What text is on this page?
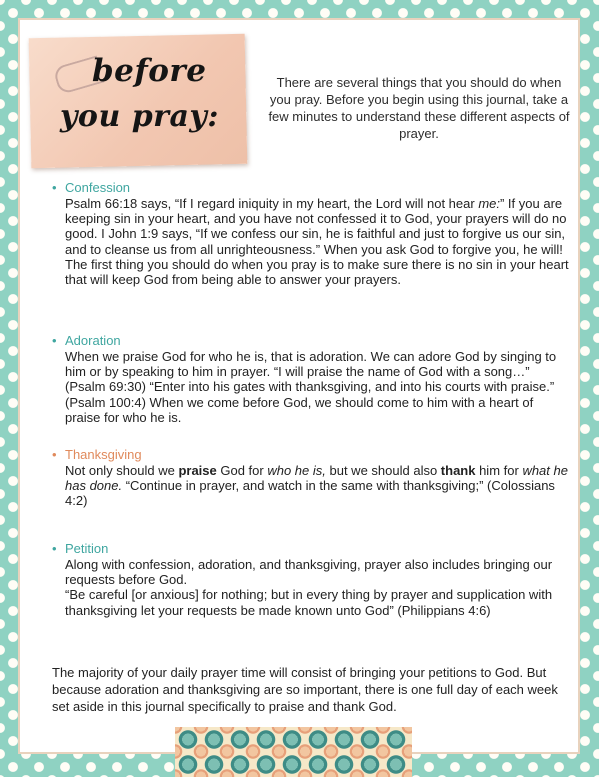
before
you pray:
There are several things that you should do when you pray. Before you begin using this journal, take a few minutes to understand these different aspects of prayer.
• Confession
Psalm 66:18 says, “If I regard iniquity in my heart, the Lord will not hear me:” If you are keeping sin in your heart, and you have not confessed it to God, your prayers will do no good. I John 1:9 says, “If we confess our sin, he is faithful and just to forgive us our sin, and to cleanse us from all unrighteousness.” When you ask God to forgive you, he will! The first thing you should do when you pray is to make sure there is no sin in your heart that will keep God from being able to answer your prayers.
• Adoration
When we praise God for who he is, that is adoration. We can adore God by singing to him or by speaking to him in prayer. “I will praise the name of God with a song…” (Psalm 69:30) “Enter into his gates with thanksgiving, and into his courts with praise.” (Psalm 100:4) When we come before God, we should come to him with a heart of praise for who he is.
• Thanksgiving
Not only should we praise God for who he is, but we should also thank him for what he has done. “Continue in prayer, and watch in the same with thanksgiving;” (Colossians 4:2)
• Petition
Along with confession, adoration, and thanksgiving, prayer also includes bringing our requests before God.
“Be careful [or anxious] for nothing; but in every thing by prayer and supplication with thanksgiving let your requests be made known unto God” (Philippians 4:6)
The majority of your daily prayer time will consist of bringing your petitions to God. But because adoration and thanksgiving are so important, there is one full day of each week set aside in this journal specifically to praise and thank God.
